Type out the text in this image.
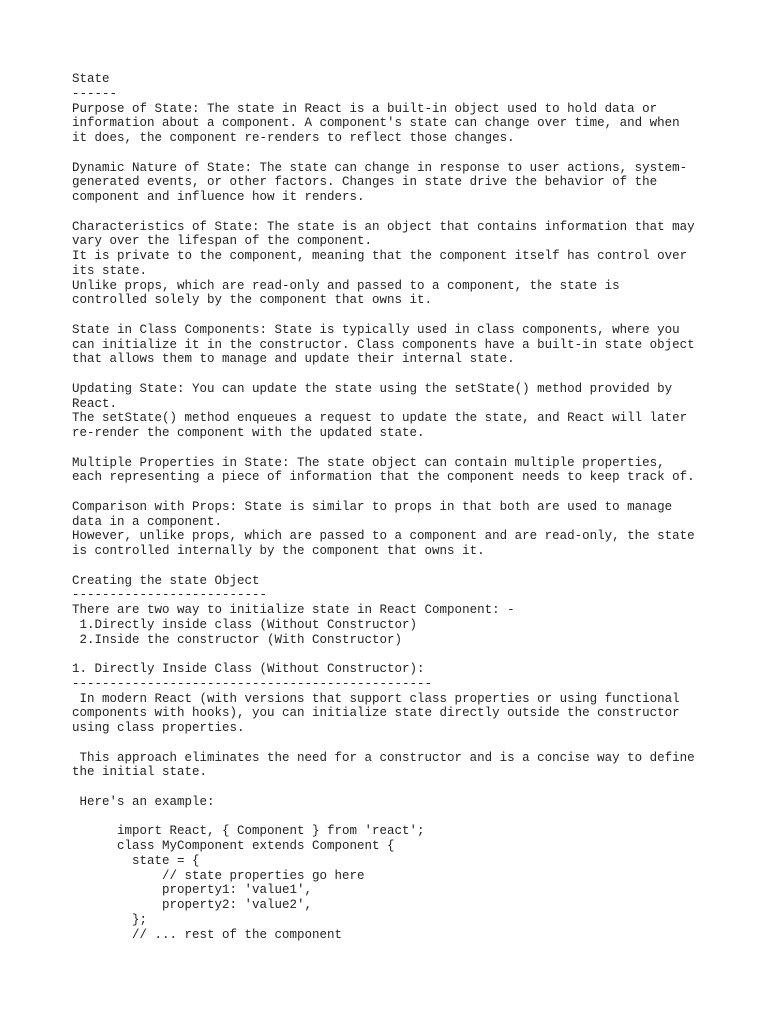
State
------
Purpose of State: The state in React is a built-in object used to hold data or
information about a component. A component's state can change over time, and when
it does, the component re-renders to reflect those changes.
Dynamic Nature of State: The state can change in response to user actions, system-
generated events, or other factors. Changes in state drive the behavior of the
component and influence how it renders.
Characteristics of State: The state is an object that contains information that may
vary over the lifespan of the component.
It is private to the component, meaning that the component itself has control over
its state.
Unlike props, which are read-only and passed to a component, the state is
controlled solely by the component that owns it.
State in Class Components: State is typically used in class components, where you
can initialize it in the constructor. Class components have a built-in state object
that allows them to manage and update their internal state.
Updating State: You can update the state using the setState() method provided by
React.
The setState() method enqueues a request to update the state, and React will later
re-render the component with the updated state.
Multiple Properties in State: The state object can contain multiple properties,
each representing a piece of information that the component needs to keep track of.
Comparison with Props: State is similar to props in that both are used to manage
data in a component.
However, unlike props, which are passed to a component and are read-only, the state
is controlled internally by the component that owns it.
Creating the state Object
--------------------------
There are two way to initialize state in React Component: -
1.Directly inside class (Without Constructor)
2.Inside the constructor (With Constructor)
1. Directly Inside Class (Without Constructor):
------------------------------------------------
In modern React (with versions that support class properties or using functional
components with hooks), you can initialize state directly outside the constructor
using class properties.
This approach eliminates the need for a constructor and is a concise way to define
the initial state.
Here's an example:
import React, { Component } from 'react';
class MyComponent extends Component {
state = {
// state properties go here
property1: 'value1',
property2: 'value2',
};
// ... rest of the component
